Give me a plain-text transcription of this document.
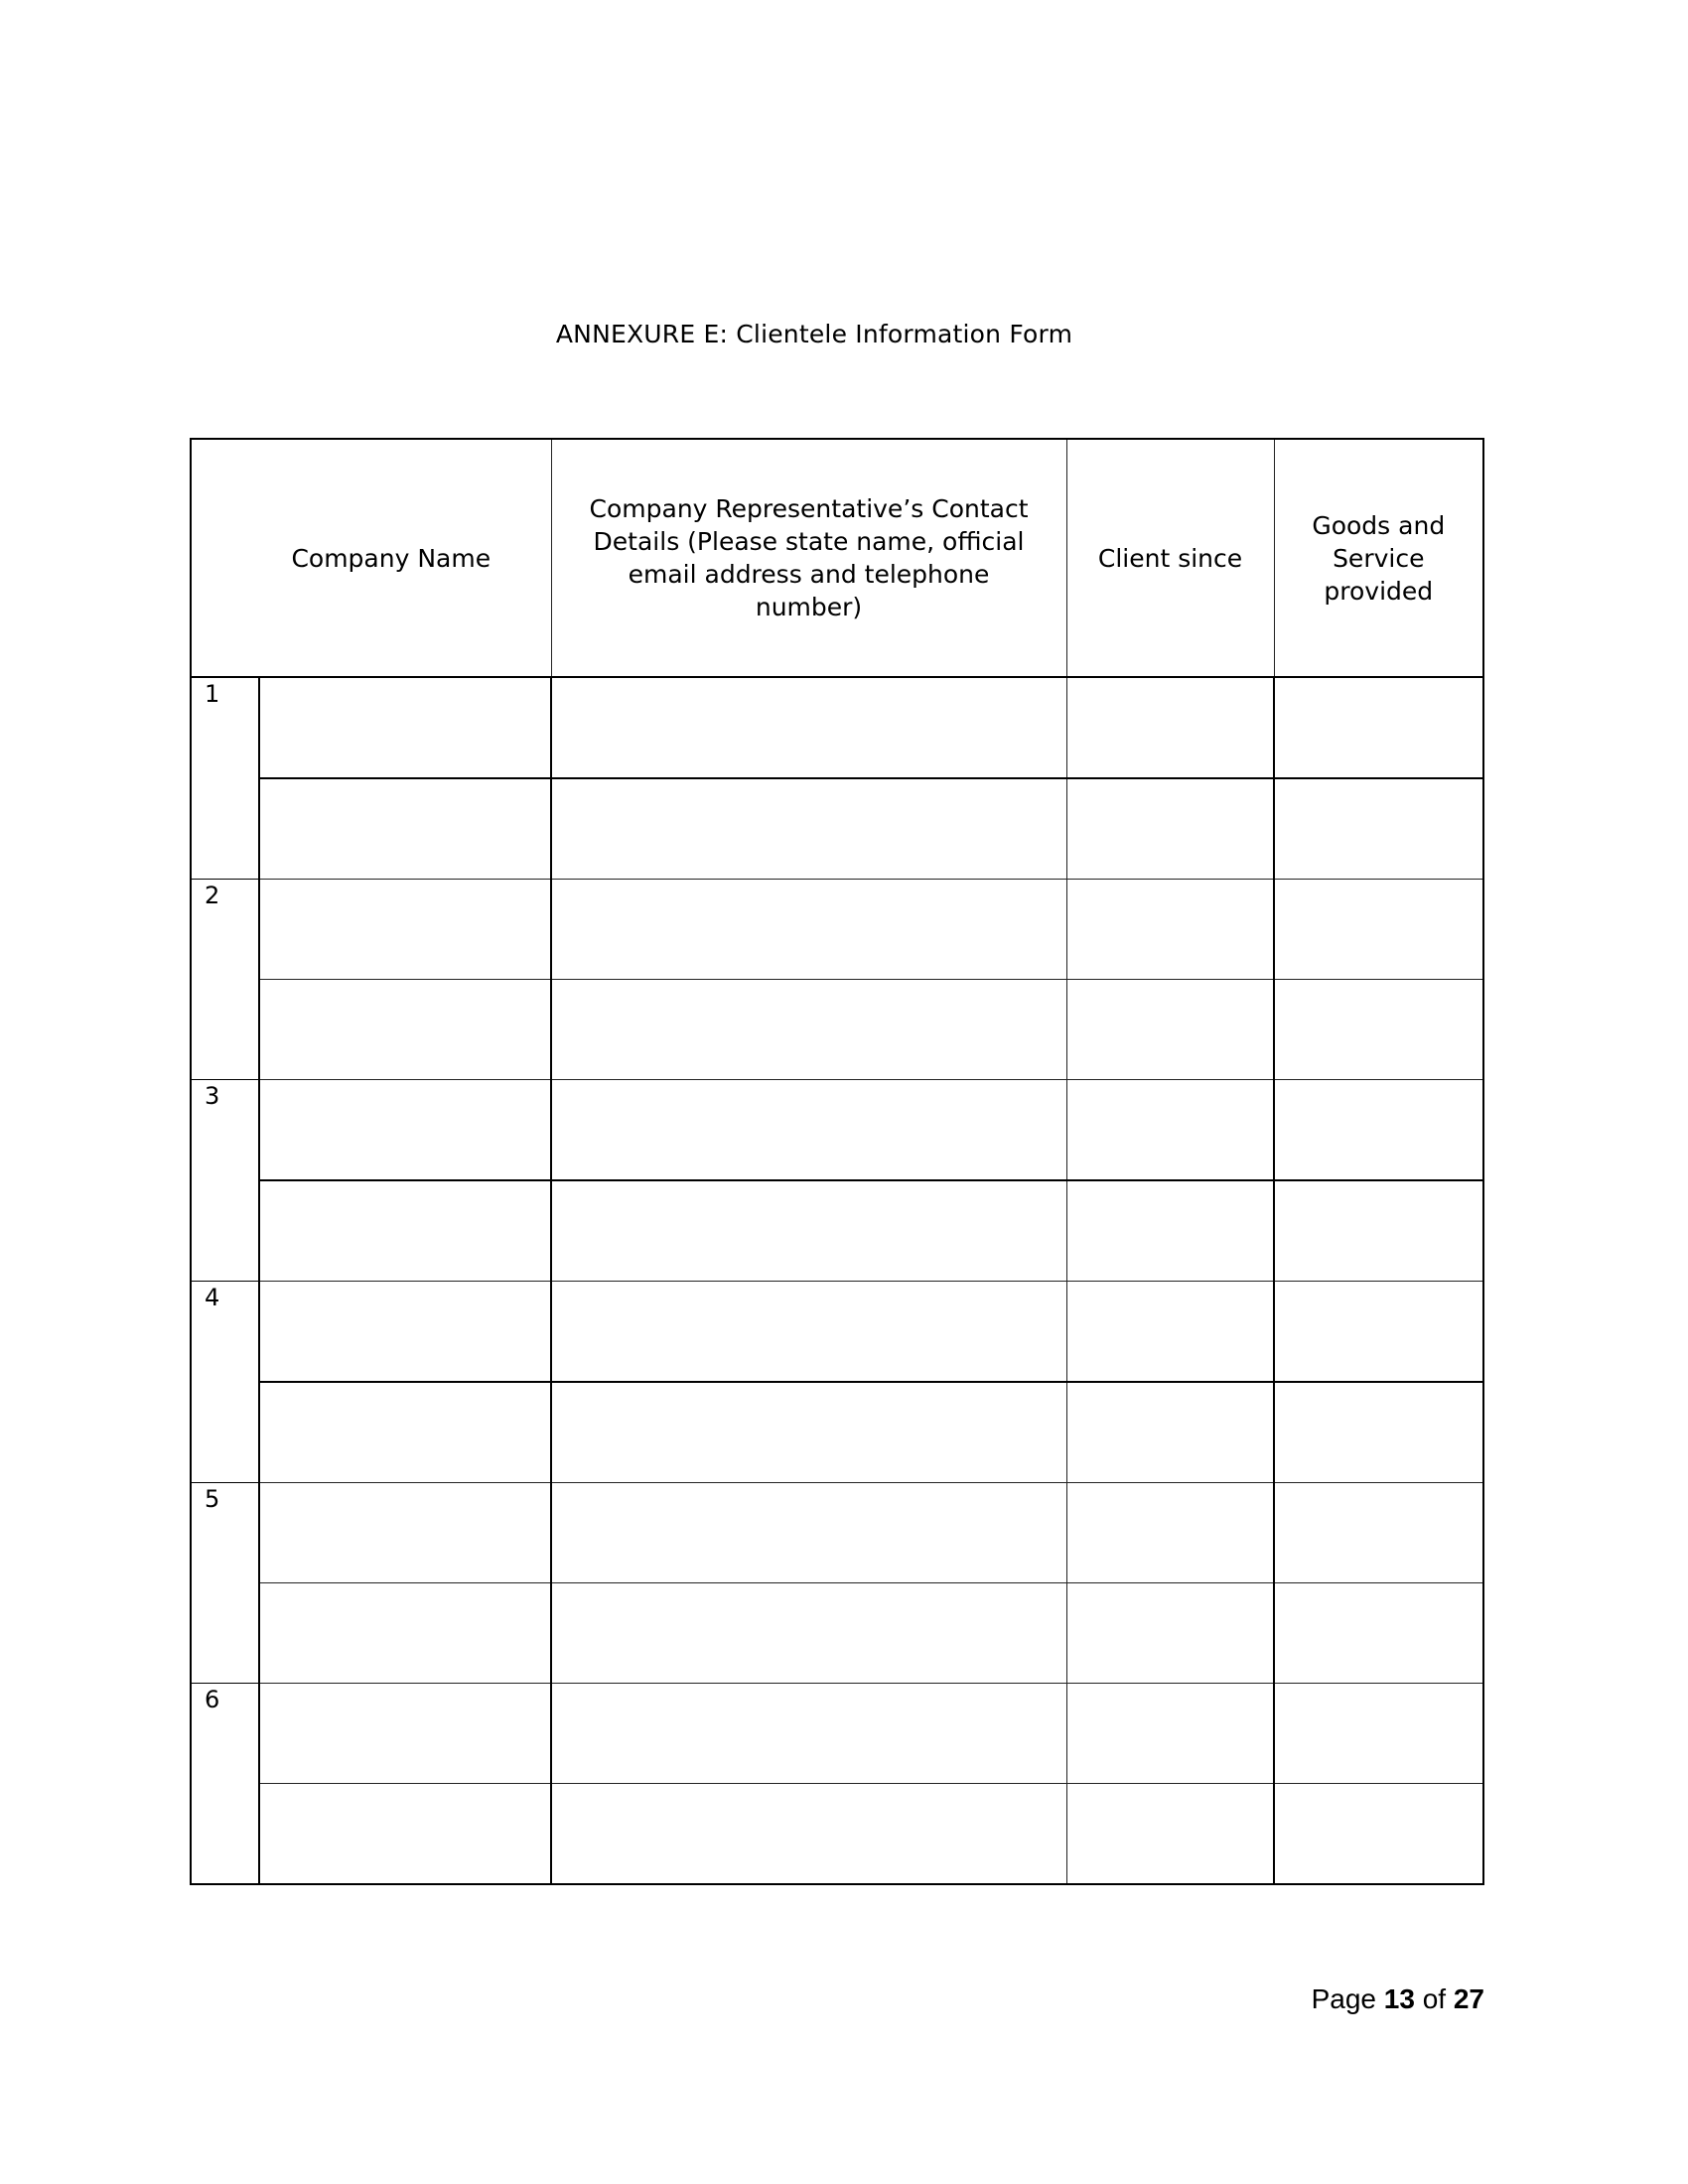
ANNEXURE E: Clientele Information Form
Company Name		Company Representative’s Contact Details (Please state name, official email address and telephone number)	Client since	Goods and Service provided
1				

2				

3				

4				

5				

6				

Page 13 of 27
